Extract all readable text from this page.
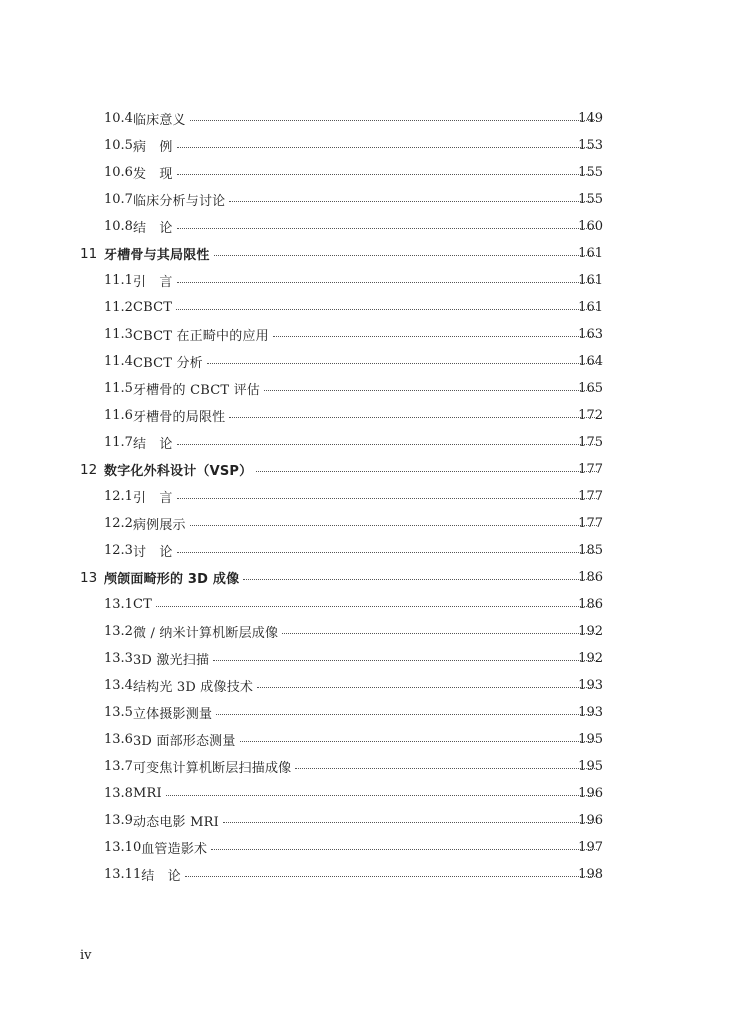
10.4 临床意义	149
10.5 病　例	153
10.6 发　现	155
10.7 临床分析与讨论	155
10.8 结　论	160
11 牙槽骨与其局限性	161
11.1 引　言	161
11.2 CBCT	161
11.3 CBCT 在正畸中的应用	163
11.4 CBCT 分析	164
11.5 牙槽骨的 CBCT 评估	165
11.6 牙槽骨的局限性	172
11.7 结　论	175
12 数字化外科设计（VSP）	177
12.1 引　言	177
12.2 病例展示	177
12.3 讨　论	185
13 颅颌面畸形的 3D 成像	186
13.1 CT	186
13.2 微 / 纳米计算机断层成像	192
13.3 3D 激光扫描	192
13.4 结构光 3D 成像技术	193
13.5 立体摄影测量	193
13.6 3D 面部形态测量	195
13.7 可变焦计算机断层扫描成像	195
13.8 MRI	196
13.9 动态电影 MRI	196
13.10 血管造影术	197
13.11 结　论	198
iv
